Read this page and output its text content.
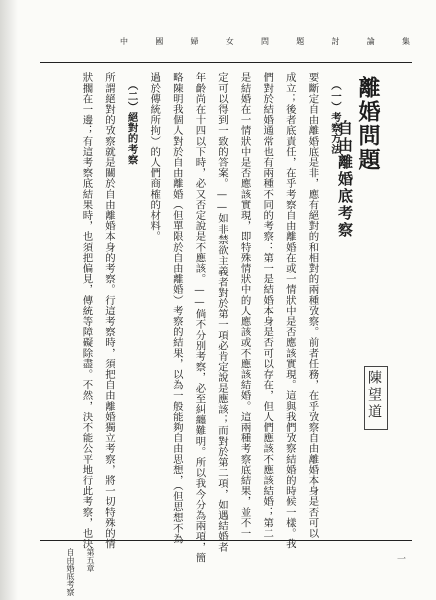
中	國	婦	女	問	題	討	論	集
離婚問題
自由離婚底考察
陳望道
（一）考察方法
要斷定自由離婚底是非，應有絕對的和相對的兩種攷察。前者任務，在乎攷察自由離婚本身是否可以
成立；後者底責任，在乎考察自由離婚在或一情狀中是否應該實現。這與我們攷察結婚的時候一樣。我
們對於結婚通常也有兩種不同的考察：第一是結婚本身是否可以存在，但人們應該不應該結婚；第二
是結婚在一情狀中是否應該實現，即特殊情狀中的人應該或不應該結婚。這兩種考察底結果，並不一
定可以得到一致的答案。——如非禁欲主義者對於第一項必肯定說是應該；而對於第二項，如遇結婚者
年齡尚在十四以下時，必又否定說是不應該。——倘不分別考察，必至糾纏難明。所以我今分為兩項，簡
略陳明我個人對於自由離婚（但單限於自由離婚）考察的結果，以為一般能夠自由思想，（但思想不為
過於傳統所拘）的人們商榷的材料。
（二）絕對的考察
所謂絕對的攷察就是關於自由離婚本身的考察。行這考察時，須把自由離婚獨立考察，將一切特殊的情
狀擱在一邊；有這考察底結果時，也須把偏見，傳統等障礙除盡。不然，決不能公平地行此考察，也決
第五章
自由婚底考察	一
